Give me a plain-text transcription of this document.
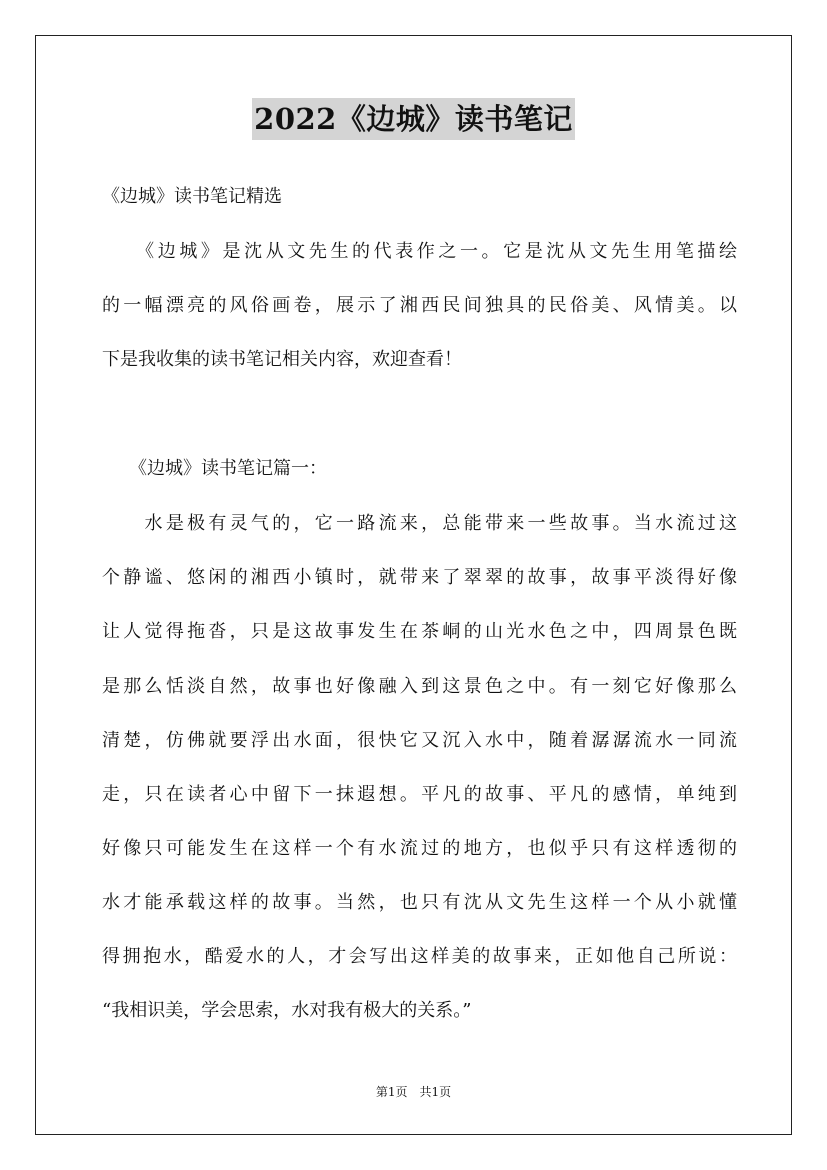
2022《边城》读书笔记
《边城》读书笔记精选
　　《边城》是沈从文先生的代表作之一。它是沈从文先生用笔描绘
的一幅漂亮的风俗画卷，展示了湘西民间独具的民俗美、风情美。以
下是我收集的读书笔记相关内容，欢迎查看！
　　《边城》读书笔记篇一：
　　水是极有灵气的，它一路流来，总能带来一些故事。当水流过这
个静谧、悠闲的湘西小镇时，就带来了翠翠的故事，故事平淡得好像
让人觉得拖沓，只是这故事发生在茶峒的山光水色之中，四周景色既
是那么恬淡自然，故事也好像融入到这景色之中。有一刻它好像那么
清楚，仿佛就要浮出水面，很快它又沉入水中，随着潺潺流水一同流
走，只在读者心中留下一抹遐想。平凡的故事、平凡的感情，单纯到
好像只可能发生在这样一个有水流过的地方，也似乎只有这样透彻的
水才能承载这样的故事。当然，也只有沈从文先生这样一个从小就懂
得拥抱水，酷爱水的人，才会写出这样美的故事来，正如他自己所说：
“我相识美，学会思索，水对我有极大的关系。”
第1页　共1页
